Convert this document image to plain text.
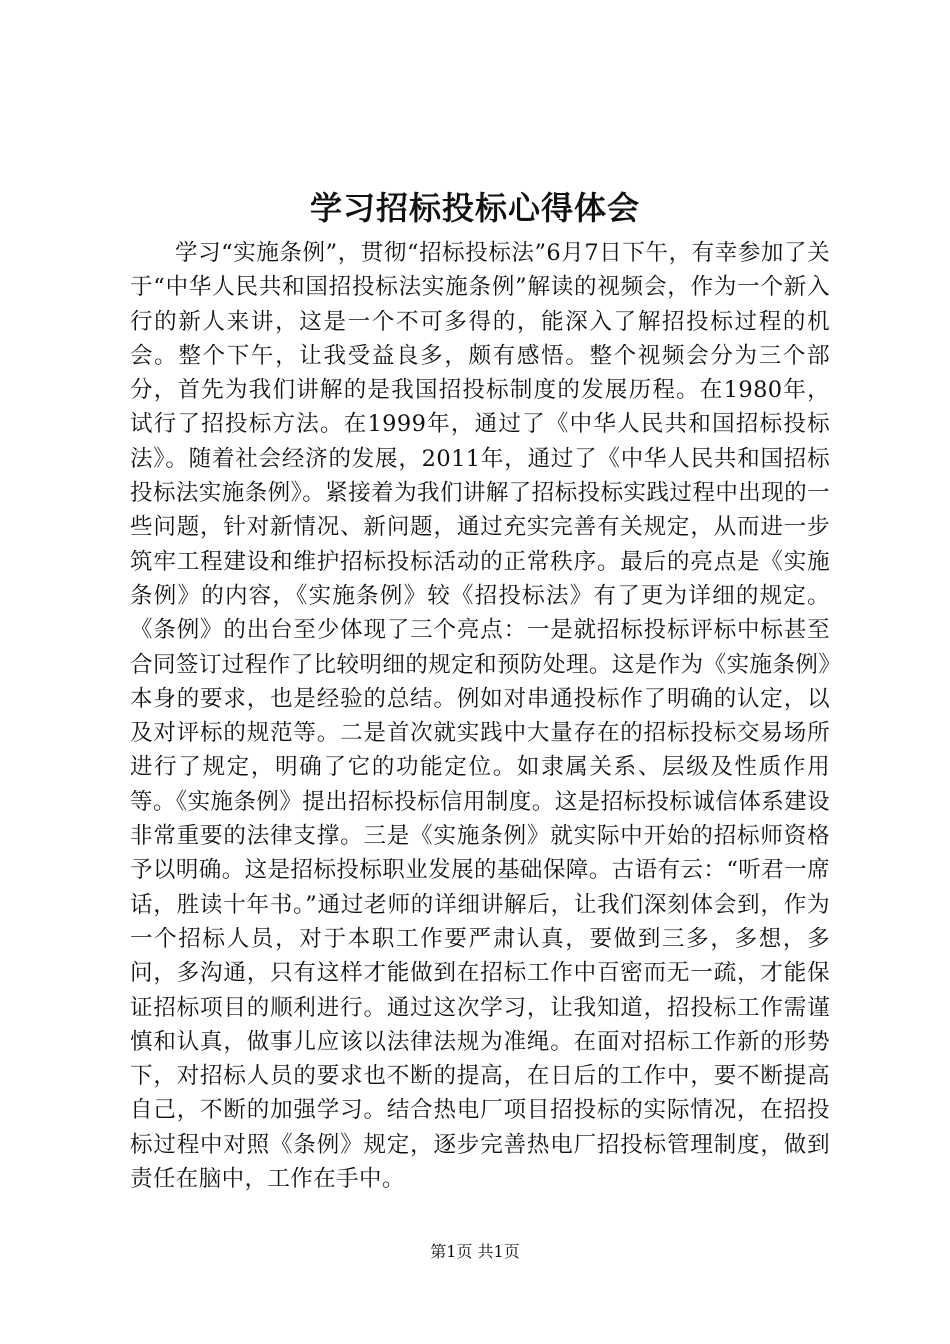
学习招标投标心得体会

学习“实施条例”，贯彻“招标投标法”6月7日下午，有幸参加了关于“中华人民共和国招投标法实施条例”解读的视频会，作为一个新入行的新人来讲，这是一个不可多得的，能深入了解招投标过程的机会。整个下午，让我受益良多，颇有感悟。整个视频会分为三个部分，首先为我们讲解的是我国招投标制度的发展历程。在1980年，试行了招投标方法。在1999年，通过了《中华人民共和国招标投标法》。随着社会经济的发展，2011年，通过了《中华人民共和国招标投标法实施条例》。紧接着为我们讲解了招标投标实践过程中出现的一些问题，针对新情况、新问题，通过充实完善有关规定，从而进一步筑牢工程建设和维护招标投标活动的正常秩序。最后的亮点是《实施条例》的内容，《实施条例》较《招投标法》有了更为详细的规定。《条例》的出台至少体现了三个亮点：一是就招标投标评标中标甚至合同签订过程作了比较明细的规定和预防处理。这是作为《实施条例》本身的要求，也是经验的总结。例如对串通投标作了明确的认定，以及对评标的规范等。二是首次就实践中大量存在的招标投标交易场所进行了规定，明确了它的功能定位。如隶属关系、层级及性质作用等。《实施条例》提出招标投标信用制度。这是招标投标诚信体系建设非常重要的法律支撑。三是《实施条例》就实际中开始的招标师资格予以明确。这是招标投标职业发展的基础保障。古语有云：“听君一席话，胜读十年书。”通过老师的详细讲解后，让我们深刻体会到，作为一个招标人员，对于本职工作要严肃认真，要做到三多，多想，多问，多沟通，只有这样才能做到在招标工作中百密而无一疏，才能保证招标项目的顺利进行。通过这次学习，让我知道，招投标工作需谨慎和认真，做事儿应该以法律法规为准绳。在面对招标工作新的形势下，对招标人员的要求也不断的提高，在日后的工作中，要不断提高自己，不断的加强学习。结合热电厂项目招投标的实际情况，在招投标过程中对照《条例》规定，逐步完善热电厂招投标管理制度，做到责任在脑中，工作在手中。

第1页 共1页
